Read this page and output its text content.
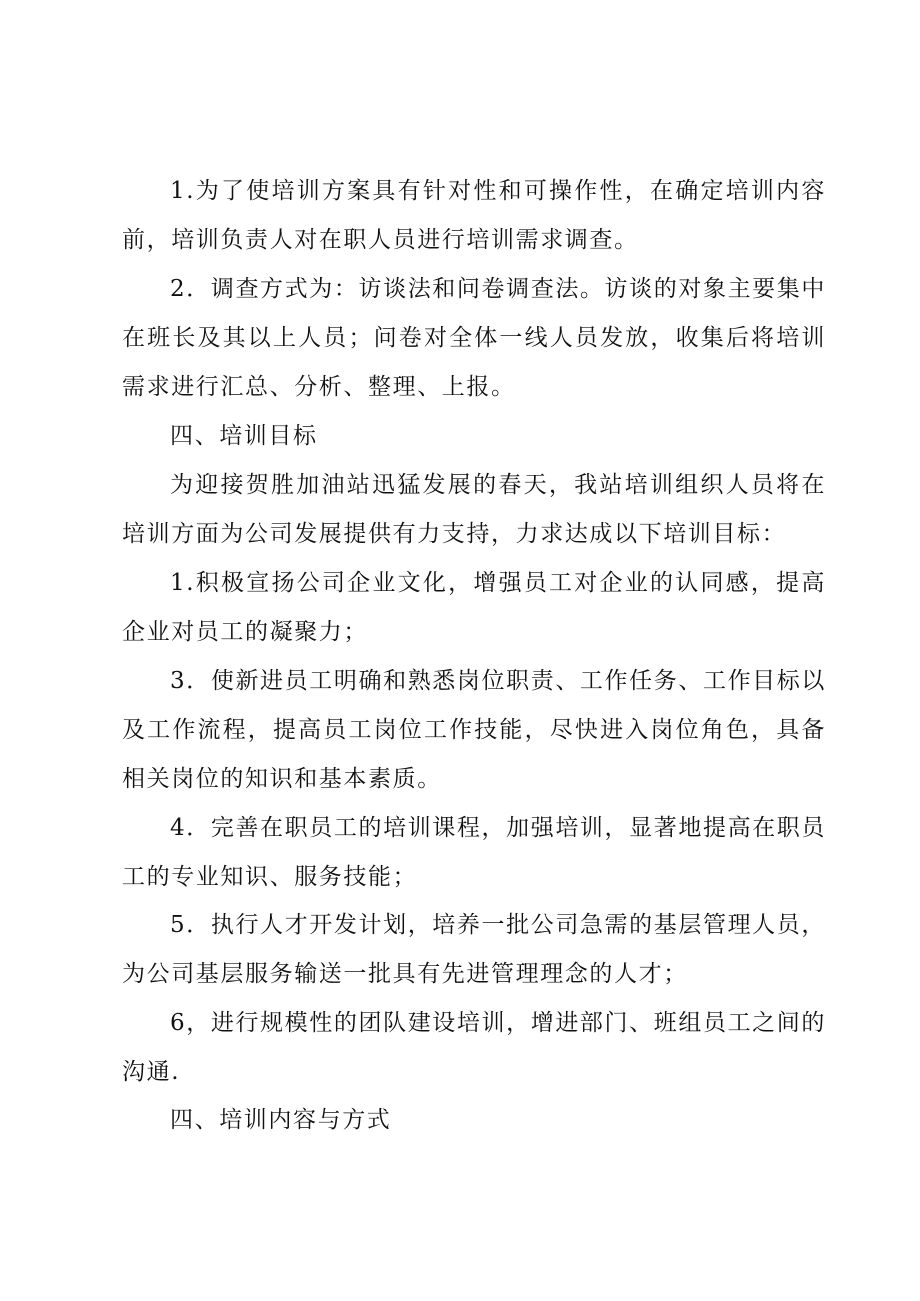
1.为了使培训方案具有针对性和可操作性，在确定培训内容前，培训负责人对在职人员进行培训需求调查。

2．调查方式为：访谈法和问卷调查法。访谈的对象主要集中在班长及其以上人员；问卷对全体一线人员发放，收集后将培训需求进行汇总、分析、整理、上报。

四、培训目标

为迎接贺胜加油站迅猛发展的春天，我站培训组织人员将在培训方面为公司发展提供有力支持，力求达成以下培训目标：

1.积极宣扬公司企业文化，增强员工对企业的认同感，提高企业对员工的凝聚力；

3．使新进员工明确和熟悉岗位职责、工作任务、工作目标以及工作流程，提高员工岗位工作技能，尽快进入岗位角色，具备相关岗位的知识和基本素质。

4．完善在职员工的培训课程，加强培训，显著地提高在职员工的专业知识、服务技能；

5．执行人才开发计划，培养一批公司急需的基层管理人员，为公司基层服务输送一批具有先进管理理念的人才；

6，进行规模性的团队建设培训，增进部门、班组员工之间的沟通.

四、培训内容与方式
